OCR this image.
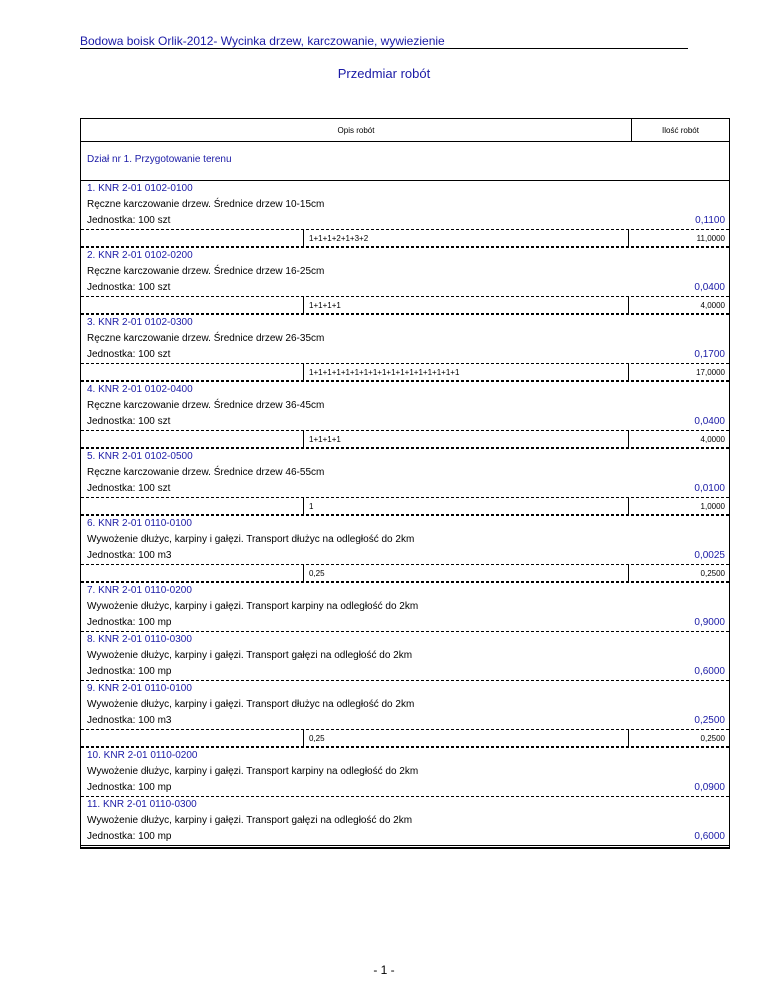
Bodowa boisk Orlik-2012- Wycinka drzew, karczowanie, wywiezienie
Przedmiar robót
Opis robót	Ilość robót
Dział nr 1. Przygotowanie terenu
1. KNR 2-01 0102-0100
Ręczne karczowanie drzew. Średnice drzew 10-15cm
Jednostka: 100 szt	0,1100
1+1+1+2+1+3+2	11,0000
2. KNR 2-01 0102-0200
Ręczne karczowanie drzew. Średnice drzew 16-25cm
Jednostka: 100 szt	0,0400
1+1+1+1	4,0000
3. KNR 2-01 0102-0300
Ręczne karczowanie drzew. Średnice drzew 26-35cm
Jednostka: 100 szt	0,1700
1+1+1+1+1+1+1+1+1+1+1+1+1+1+1+1+1	17,0000
4. KNR 2-01 0102-0400
Ręczne karczowanie drzew. Średnice drzew 36-45cm
Jednostka: 100 szt	0,0400
1+1+1+1	4,0000
5. KNR 2-01 0102-0500
Ręczne karczowanie drzew. Średnice drzew 46-55cm
Jednostka: 100 szt	0,0100
1	1,0000
6. KNR 2-01 0110-0100
Wywożenie dłużyc, karpiny i gałęzi. Transport dłużyc na odległość do 2km
Jednostka: 100 m3	0,0025
0,25	0,2500
7. KNR 2-01 0110-0200
Wywożenie dłużyc, karpiny i gałęzi. Transport karpiny na odległość do 2km
Jednostka: 100 mp	0,9000
8. KNR 2-01 0110-0300
Wywożenie dłużyc, karpiny i gałęzi. Transport gałęzi na odległość do 2km
Jednostka: 100 mp	0,6000
9. KNR 2-01 0110-0100
Wywożenie dłużyc, karpiny i gałęzi. Transport dłużyc na odległość do 2km
Jednostka: 100 m3	0,2500
0,25	0,2500
10. KNR 2-01 0110-0200
Wywożenie dłużyc, karpiny i gałęzi. Transport karpiny na odległość do 2km
Jednostka: 100 mp	0,0900
11. KNR 2-01 0110-0300
Wywożenie dłużyc, karpiny i gałęzi. Transport gałęzi na odległość do 2km
Jednostka: 100 mp	0,6000
- 1 -
